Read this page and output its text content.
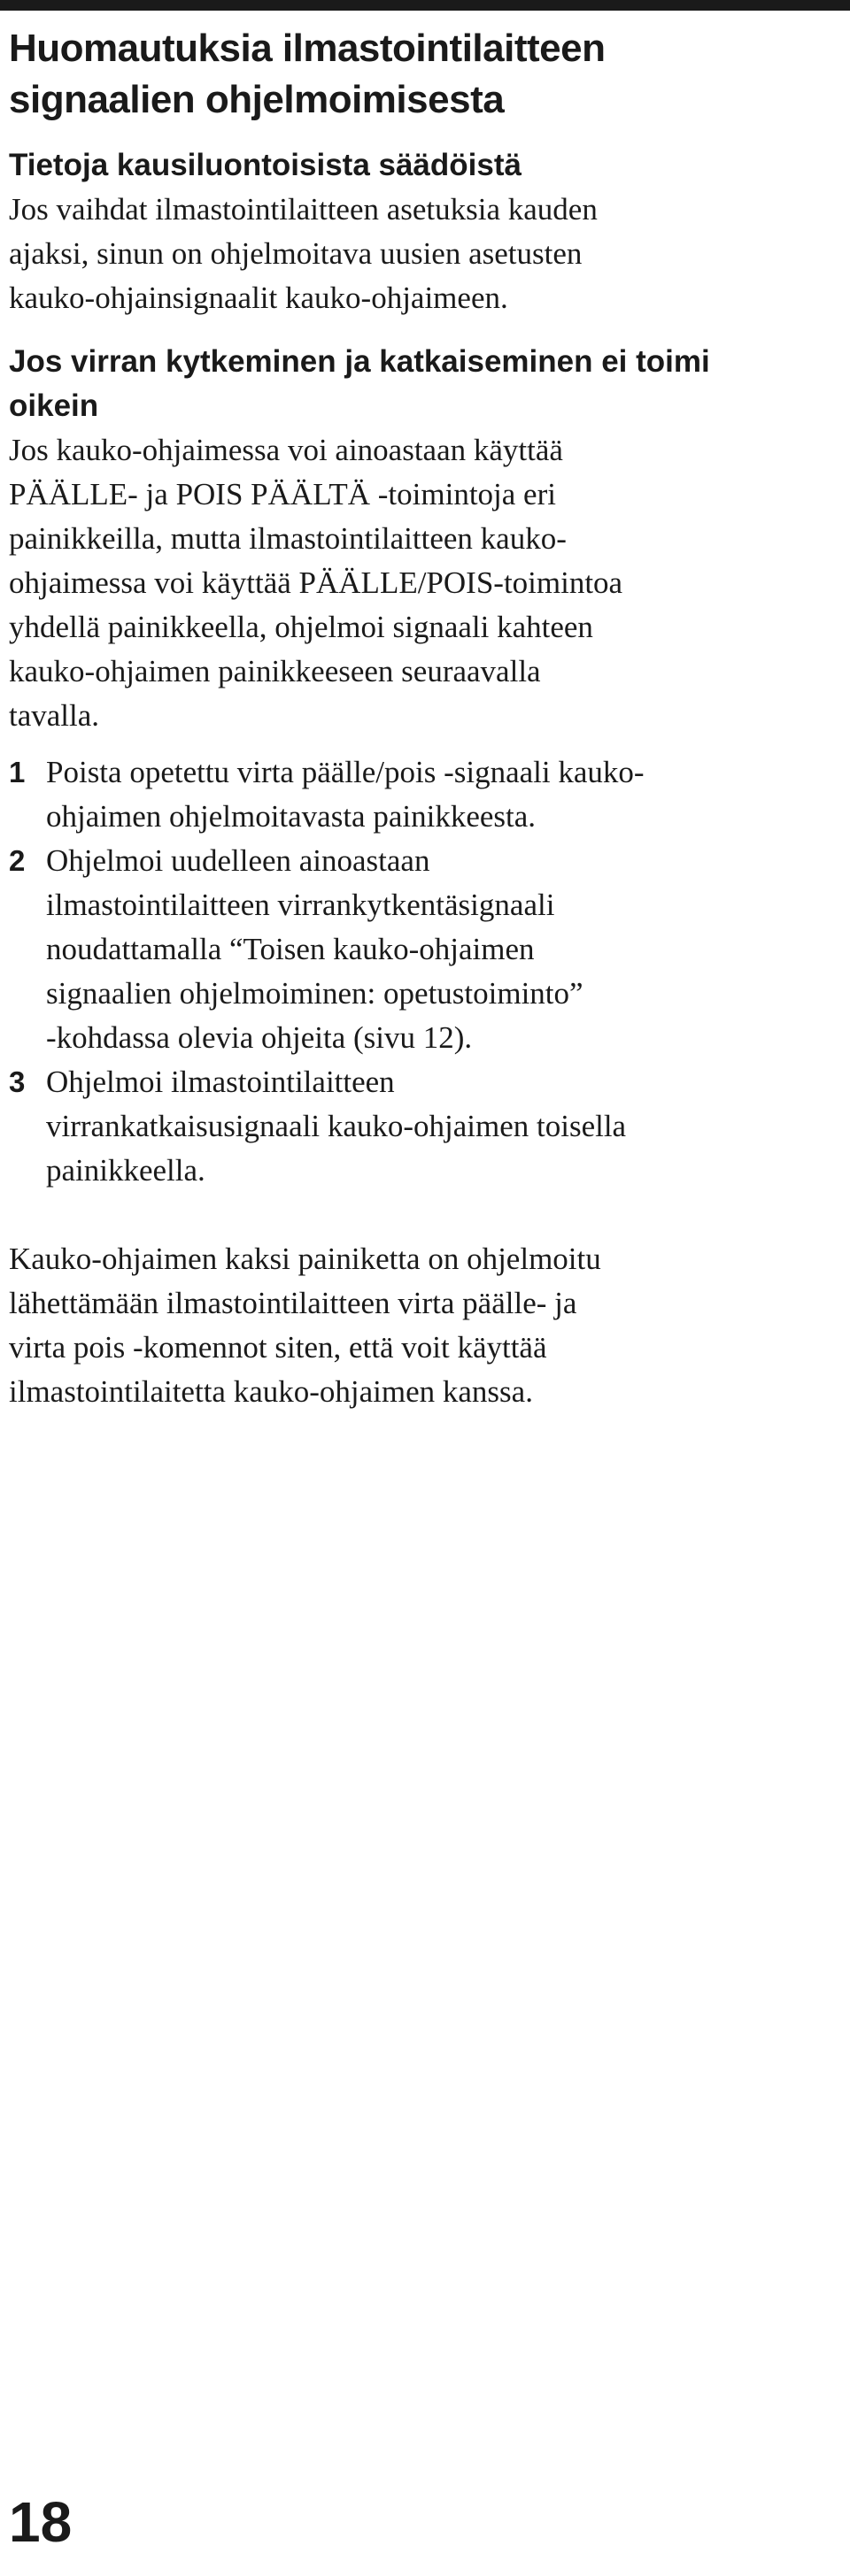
Huomautuksia ilmastointilaitteen
signaalien ohjelmoimisesta
Tietoja kausiluontoisista säädöistä

Jos vaihdat ilmastointilaitteen asetuksia kauden
ajaksi, sinun on ohjelmoitava uusien asetusten
kauko-ohjainsignaalit kauko-ohjaimeen.

Jos virran kytkeminen ja katkaiseminen ei toimi
oikein

Jos kauko-ohjaimessa voi ainoastaan käyttää
PÄÄLLE- ja POIS PÄÄLTÄ -toimintoja eri
painikkeilla, mutta ilmastointilaitteen kauko-
ohjaimessa voi käyttää PÄÄLLE/POIS-toimintoa
yhdellä painikkeella, ohjelmoi signaali kahteen
kauko-ohjaimen painikkeeseen seuraavalla
tavalla.

1 Poista opetettu virta päälle/pois -signaali kauko-
ohjaimen ohjelmoitavasta painikkeesta.
2 Ohjelmoi uudelleen ainoastaan
ilmastointilaitteen virrankytkentäsignaali
noudattamalla “Toisen kauko-ohjaimen
signaalien ohjelmoiminen: opetustoiminto”
-kohdassa olevia ohjeita (sivu 12).
3 Ohjelmoi ilmastointilaitteen
virrankatkaisusignaali kauko-ohjaimen toisella
painikkeella.

Kauko-ohjaimen kaksi painiketta on ohjelmoitu
lähettämään ilmastointilaitteen virta päälle- ja
virta pois -komennot siten, että voit käyttää
ilmastointilaitetta kauko-ohjaimen kanssa.

18
